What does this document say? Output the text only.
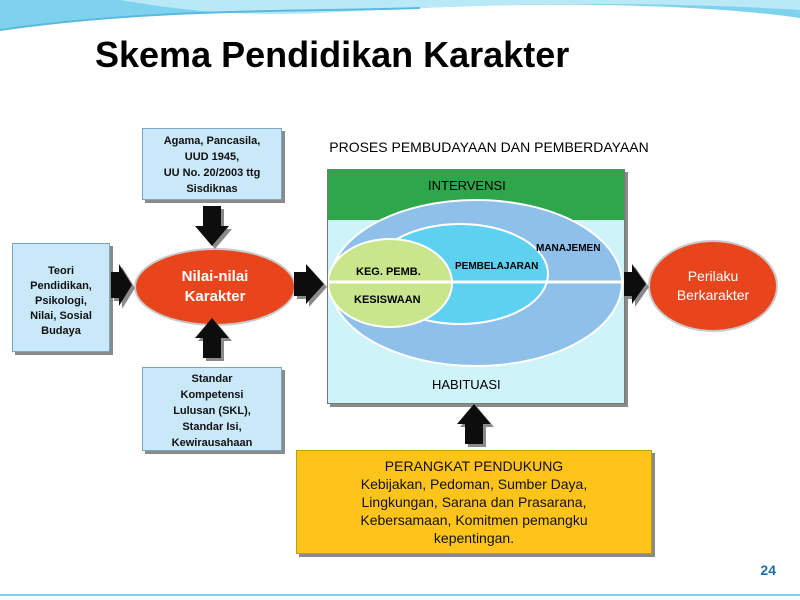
Skema Pendidikan Karakter
Teori
Pendidikan,
Psikologi,
Nilai, Sosial
Budaya
Agama, Pancasila,
UUD 1945,
UU No. 20/2003 ttg
Sisdiknas
Standar
Kompetensi
Lulusan (SKL),
Standar Isi,
Kewirausahaan
Nilai-nilai
Karakter
Perilaku
Berkarakter
PROSES PEMBUDAYAAN DAN PEMBERDAYAAN
INTERVENSI
MANAJEMEN
PEMBELAJARAN
KEG. PEMB.
KESISWAAN
HABITUASI
PERANGKAT PENDUKUNG
Kebijakan, Pedoman, Sumber Daya,
Lingkungan, Sarana dan Prasarana,
Kebersamaan, Komitmen pemangku
kepentingan.
24
